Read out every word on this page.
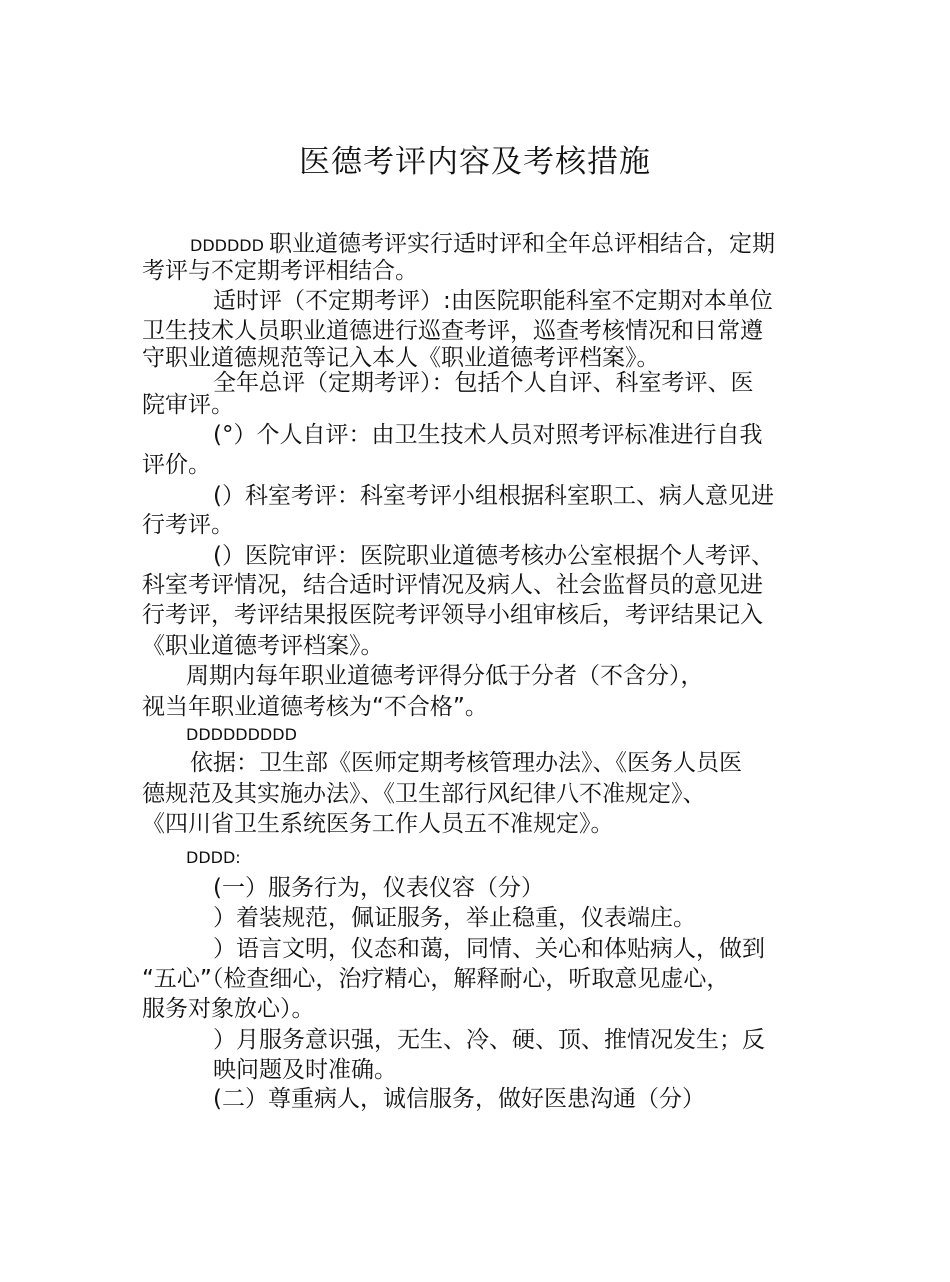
医德考评内容及考核措施
DDDDDD 职业道德考评实行适时评和全年总评相结合，定期
考评与不定期考评相结合。
适时评（不定期考评）:由医院职能科室不定期对本单位
卫生技术人员职业道德进行巡查考评，巡查考核情况和日常遵
守职业道德规范等记入本人《职业道德考评档案》。
全年总评（定期考评）：包括个人自评、科室考评、医
院审评。
(°）个人自评：由卫生技术人员对照考评标准进行自我
评价。
(）科室考评：科室考评小组根据科室职工、病人意见进
行考评。
(）医院审评：医院职业道德考核办公室根据个人考评、
科室考评情况，结合适时评情况及病人、社会监督员的意见进
行考评，考评结果报医院考评领导小组审核后，考评结果记入
《职业道德考评档案》。
周期内每年职业道德考评得分低于分者（不含分），
视当年职业道德考核为“不合格”。
DDDDDDDDD
依据：卫生部《医师定期考核管理办法》、《医务人员医
德规范及其实施办法》、《卫生部行风纪律八不准规定》、
《四川省卫生系统医务工作人员五不准规定》。
DDDD:
(一）服务行为，仪表仪容（分）
）着装规范，佩证服务，举止稳重，仪表端庄。
）语言文明，仪态和蔼，同情、关心和体贴病人，做到
“五心”（检查细心，治疗精心，解释耐心，听取意见虚心，
服务对象放心）。
）月服务意识强，无生、冷、硬、顶、推情况发生；反
映问题及时准确。
(二）尊重病人，诚信服务，做好医患沟通（分）
